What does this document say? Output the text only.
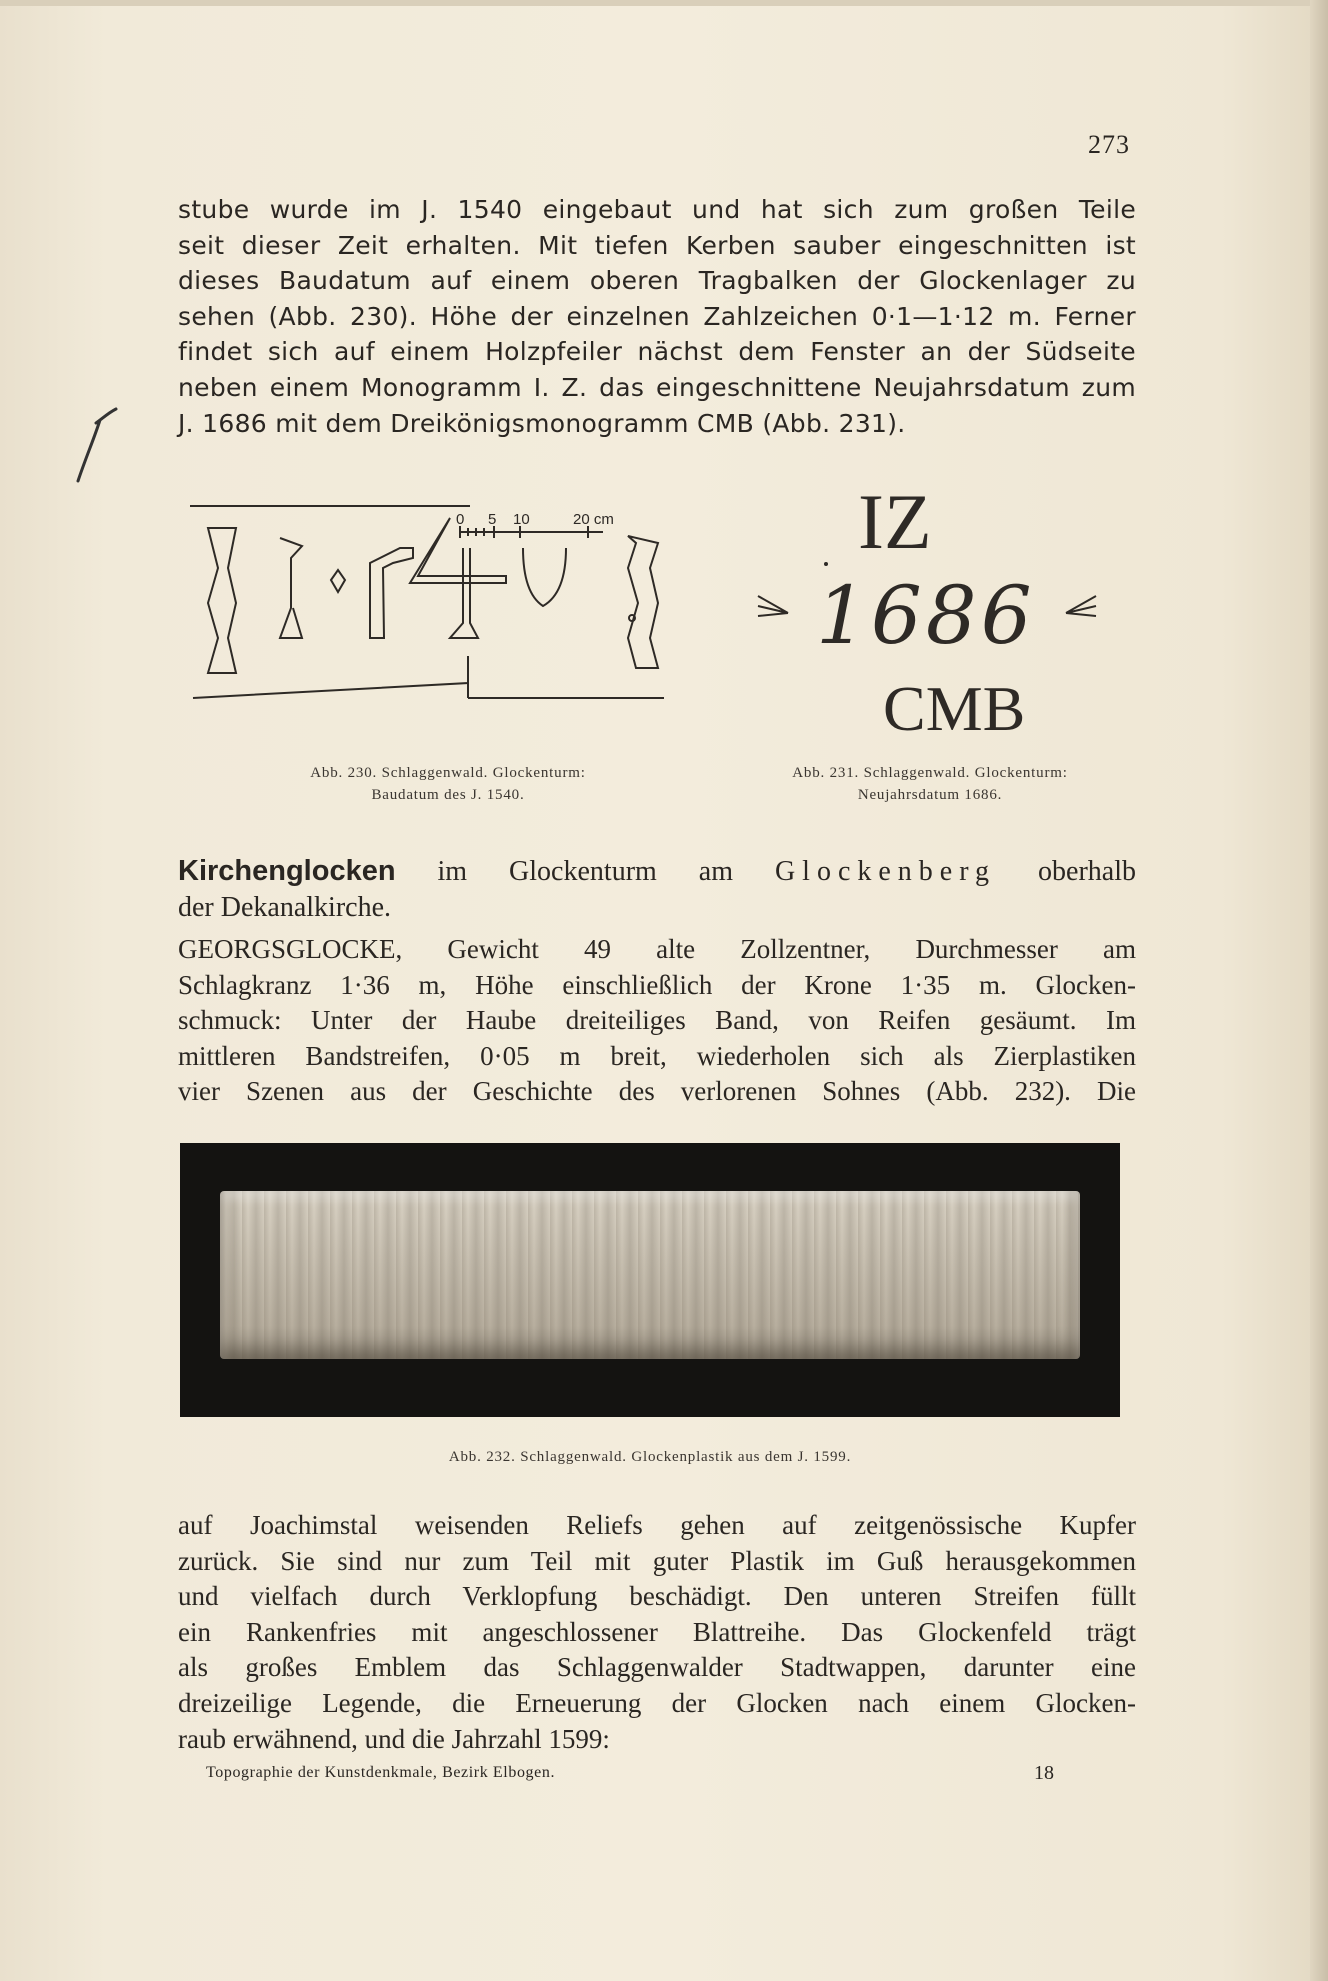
273
stube wurde im J. 1540 eingebaut und hat sich zum großen Teile
seit dieser Zeit erhalten. Mit tiefen Kerben sauber eingeschnitten ist
dieses Baudatum auf einem oberen Tragbalken der Glockenlager zu
sehen (Abb. 230). Höhe der einzelnen Zahlzeichen 0·1—1·12 m. Ferner
findet sich auf einem Holzpfeiler nächst dem Fenster an der Südseite
neben einem Monogramm I. Z. das eingeschnittene Neujahrsdatum zum
J. 1686 mit dem Dreikönigsmonogramm CMB (Abb. 231).
0 5 10	20 cm
Abb. 230. Schlaggenwald. Glockenturm:
Baudatum des J. 1540.
IZ
1686
CMB
Abb. 231. Schlaggenwald. Glockenturm:
Neujahrsdatum 1686.
Kirchenglocken im Glockenturm am Glockenberg oberhalb
der Dekanalkirche.
GEORGSGLOCKE, Gewicht 49 alte Zollzentner, Durchmesser am
Schlagkranz 1·36 m, Höhe einschließlich der Krone 1·35 m. Glocken-
schmuck: Unter der Haube dreiteiliges Band, von Reifen gesäumt. Im
mittleren Bandstreifen, 0·05 m breit, wiederholen sich als Zierplastiken
vier Szenen aus der Geschichte des verlorenen Sohnes (Abb. 232). Die
Abb. 232. Schlaggenwald. Glockenplastik aus dem J. 1599.
auf Joachimstal weisenden Reliefs gehen auf zeitgenössische Kupfer
zurück. Sie sind nur zum Teil mit guter Plastik im Guß herausgekommen
und vielfach durch Verklopfung beschädigt. Den unteren Streifen füllt
ein Rankenfries mit angeschlossener Blattreihe. Das Glockenfeld trägt
als großes Emblem das Schlaggenwalder Stadtwappen, darunter eine
dreizeilige Legende, die Erneuerung der Glocken nach einem Glocken-
raub erwähnend, und die Jahrzahl 1599:
Topographie der Kunstdenkmale, Bezirk Elbogen.	18
